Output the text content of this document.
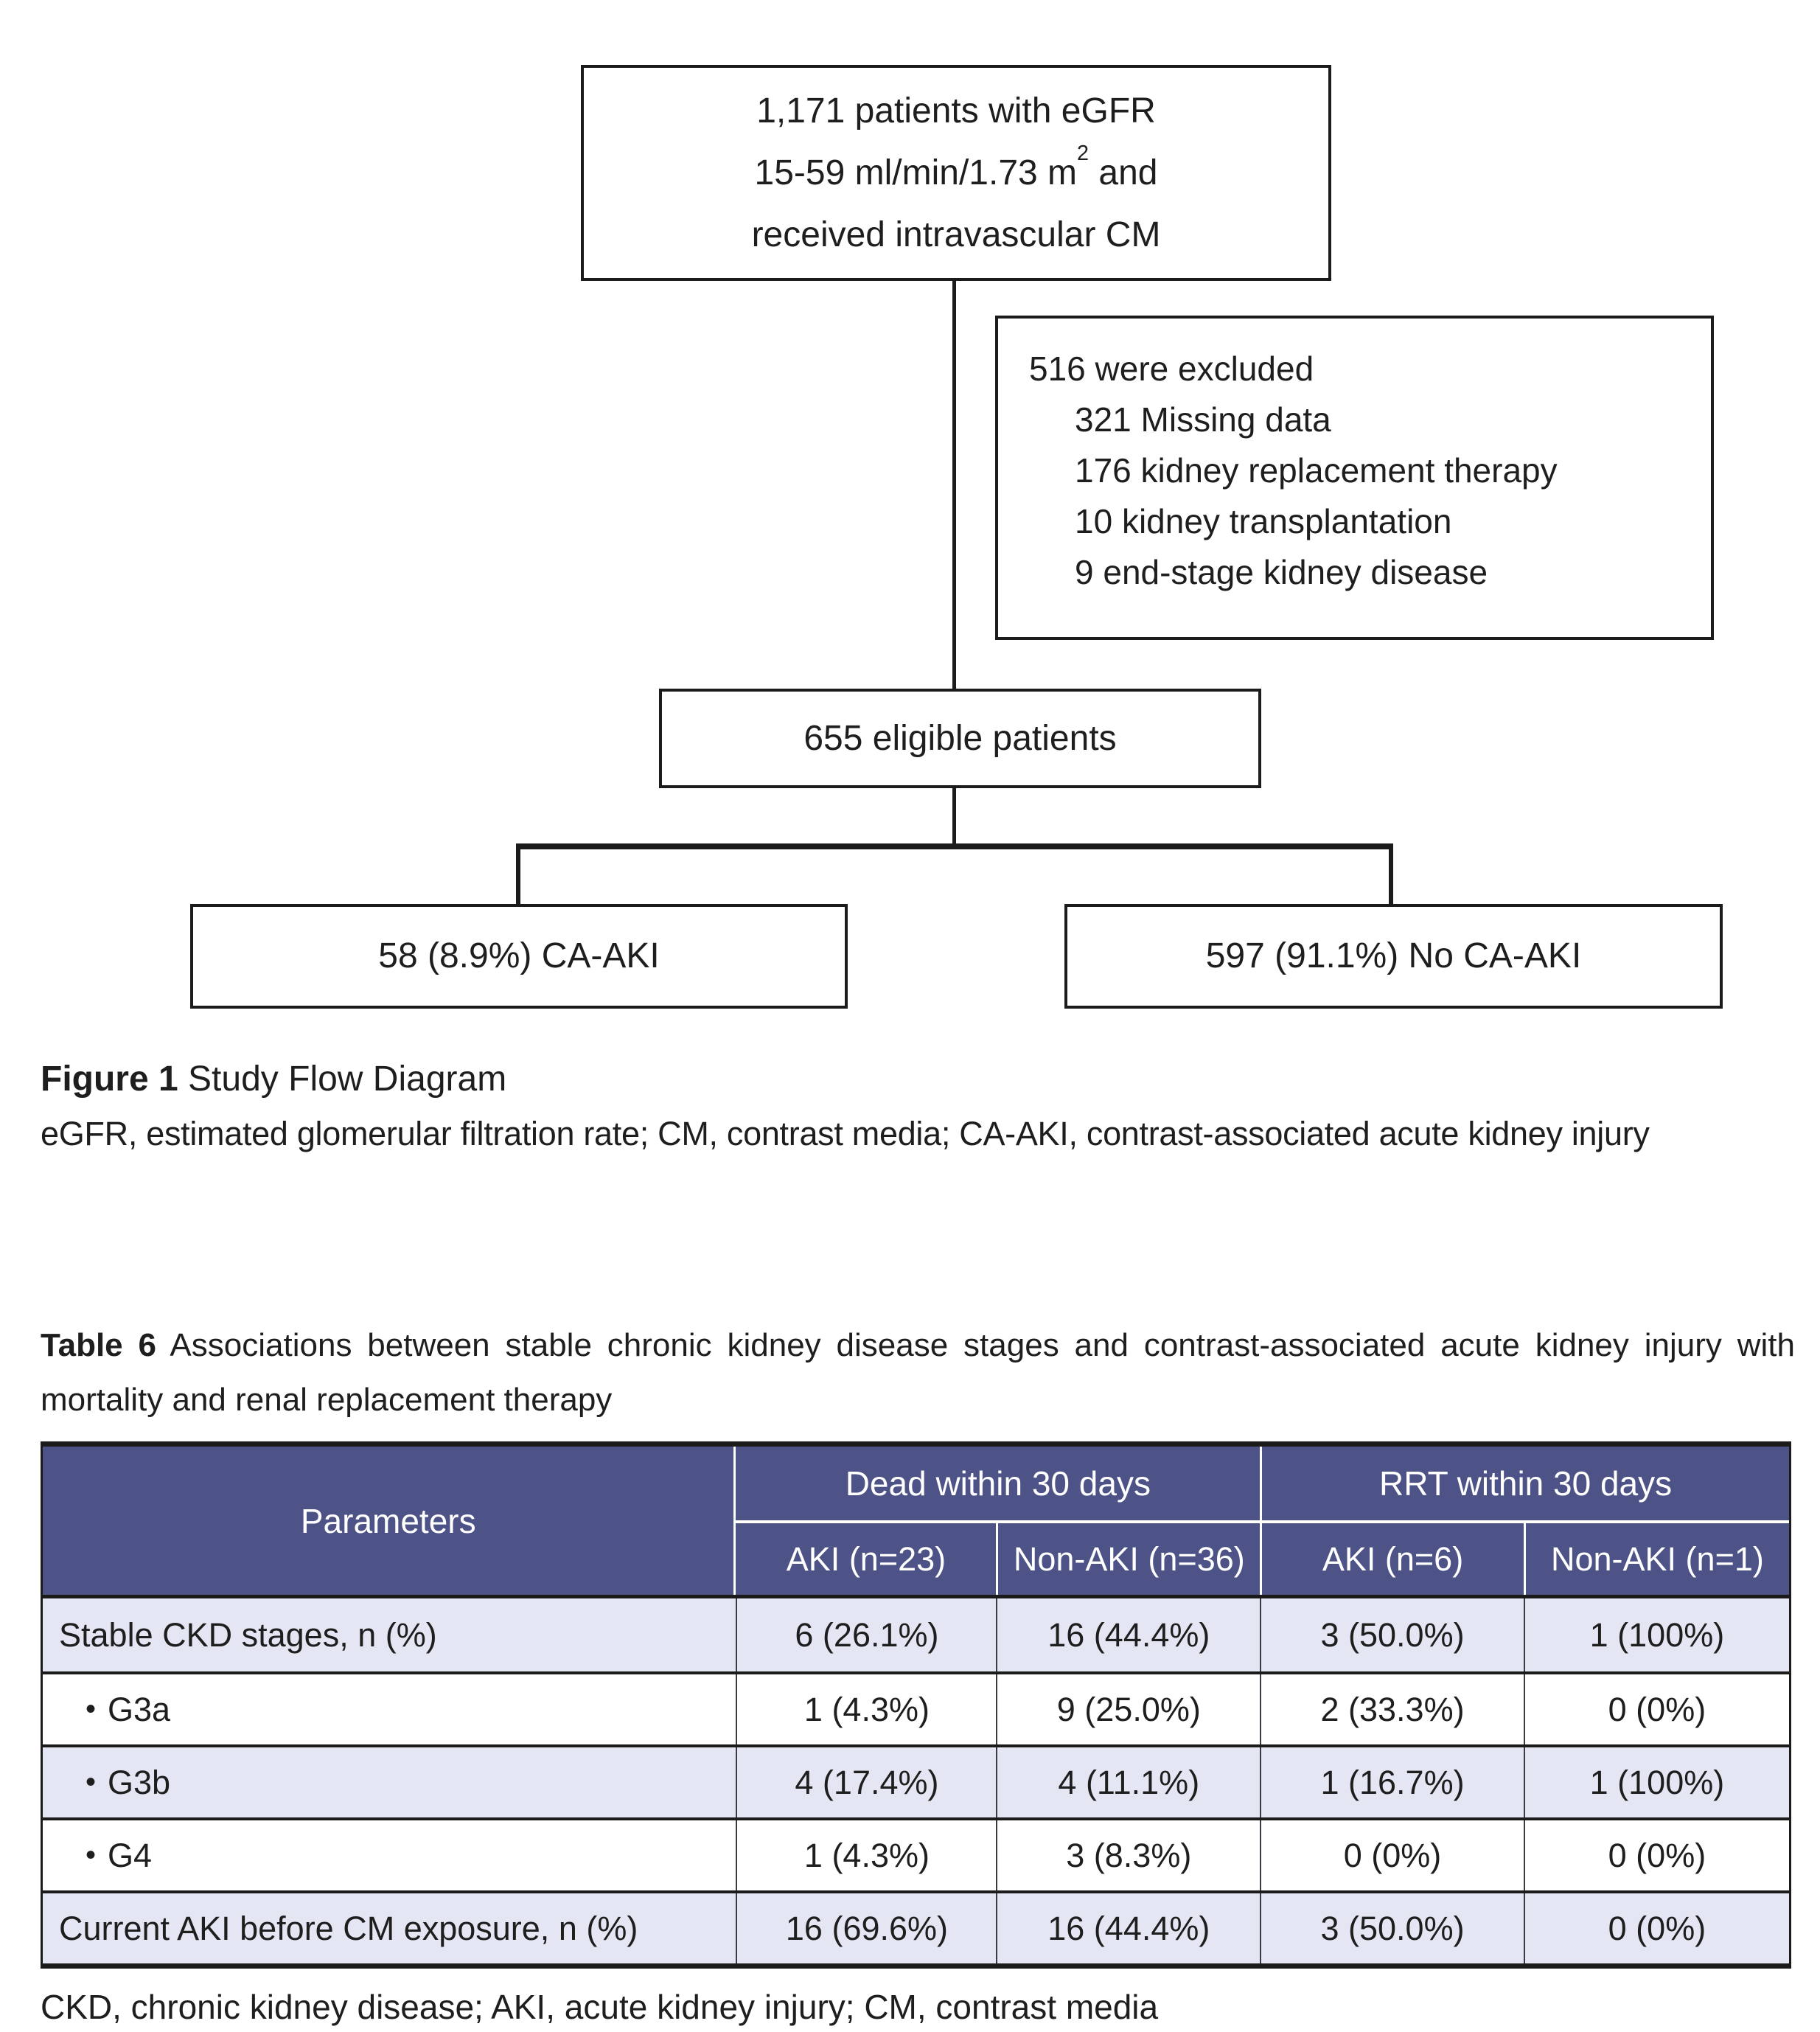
1,171 patients with eGFR
15-59 ml/min/1.73 $m^2$ and
received intravascular CM
516 were excluded
321 Missing data
176 kidney replacement therapy
10 kidney transplantation
9 end-stage kidney disease
655 eligible patients
58 (8.9%) CA-AKI	597 (91.1%) No CA-AKI
Figure 1 Study Flow Diagram
eGFR, estimated glomerular filtration rate; CM, contrast media; CA-AKI, contrast-associated acute kidney injury
Table 6 Associations between stable chronic kidney disease stages and contrast-associated acute kidney injury with mortality and renal replacement therapy
Parameters
Dead within 30 days	RRT within 30 days
AKI (n=23)	Non-AKI (n=36)	AKI (n=6)	Non-AKI (n=1)
Stable CKD stages, n (%)	6 (26.1%)	16 (44.4%)	3 (50.0%)	1 (100%)
• G3a	1 (4.3%)	9 (25.0%)	2 (33.3%)	0 (0%)
• G3b	4 (17.4%)	4 (11.1%)	1 (16.7%)	1 (100%)
• G4	1 (4.3%)	3 (8.3%)	0 (0%)	0 (0%)
Current AKI before CM exposure, n (%)	16 (69.6%)	16 (44.4%)	3 (50.0%)	0 (0%)
CKD, chronic kidney disease; AKI, acute kidney injury; CM, contrast media
